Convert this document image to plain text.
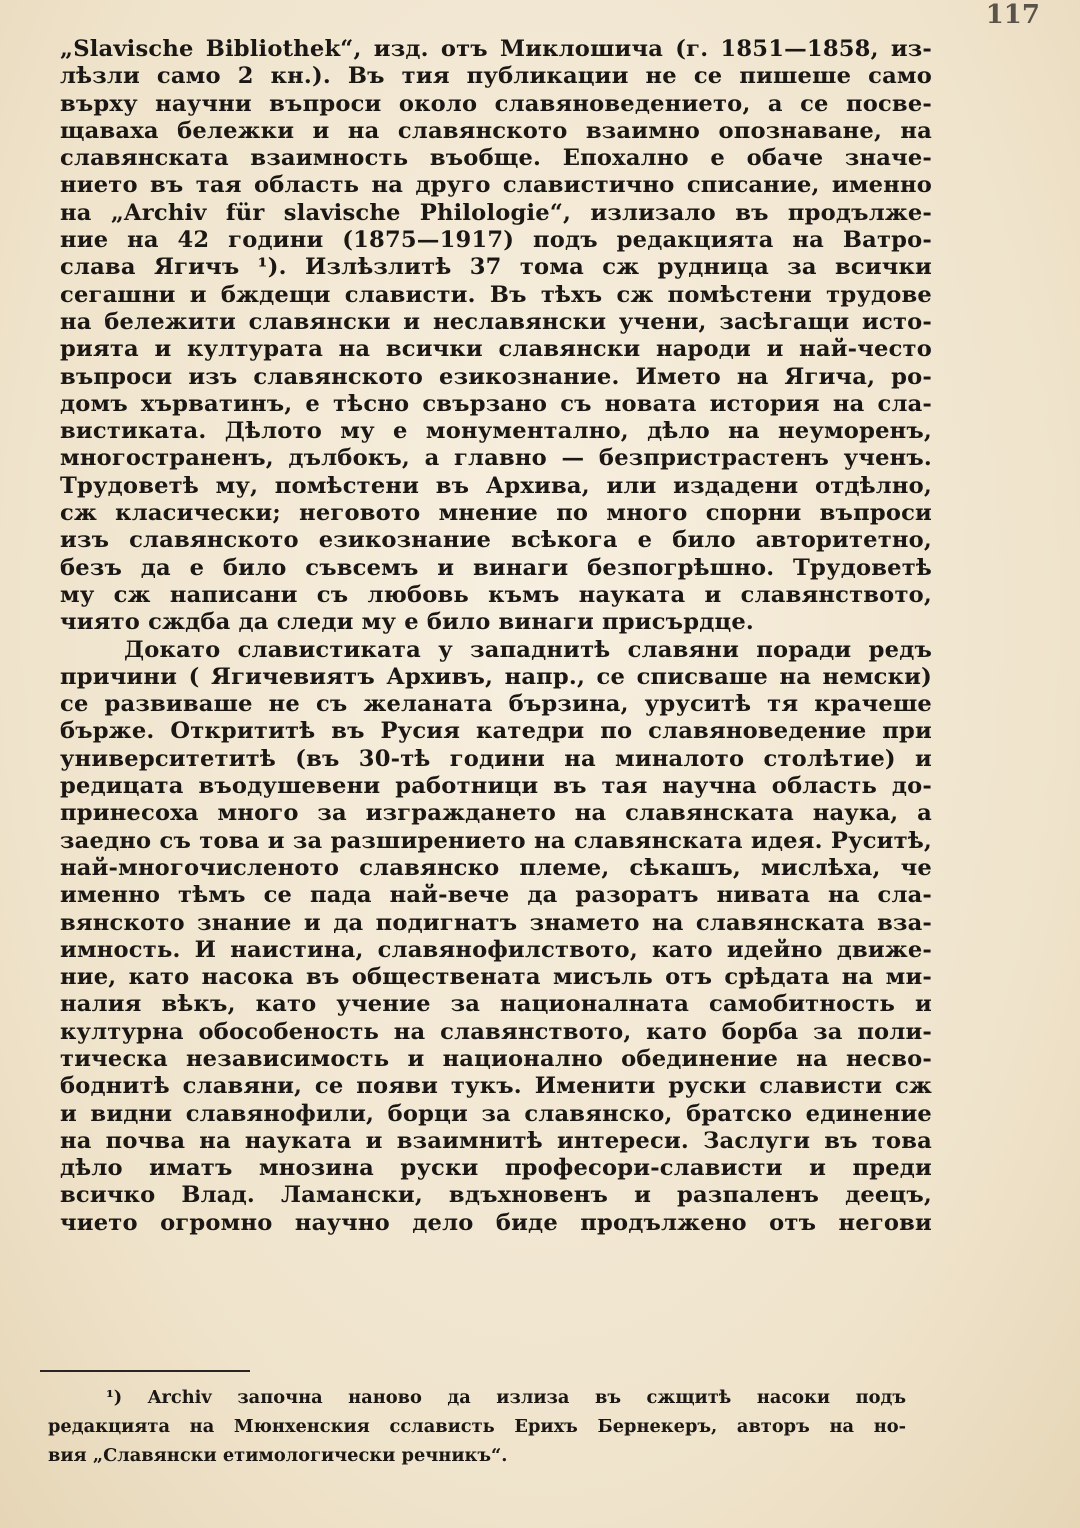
117
„Slavische Bibliothek“, изд. отъ Миклошича (г. 1851—1858, из-
лѣзли само 2 кн.). Въ тия публикации не се пишеше само
върху научни въпроси около славяноведението, а се посве-
щаваха бележки и на славянското взаимно опознаване, на
славянската взаимность въобще. Епохално е обаче значе-
нието въ тая область на друго славистично списание, именно
на „Archiv für slavische Philologie“, излизало въ продълже-
ние на 42 години (1875—1917) подъ редакцията на Ватро-
слава Ягичъ ¹). Излѣзлитѣ 37 тома сж рудница за всички
сегашни и бждещи слависти. Въ тѣхъ сж помѣстени трудове
на бележити славянски и неславянски учени, засѣгащи исто-
рията и културата на всички славянски народи и най-често
въпроси изъ славянското езикознание. Името на Ягича, ро-
домъ хърватинъ, е тѣсно свързано съ новата история на сла-
вистиката. Дѣлото му е монументално, дѣло на неуморенъ,
многостраненъ, дълбокъ, а главно — безпристрастенъ ученъ.
Трудоветѣ му, помѣстени въ Архива, или издадени отдѣлно,
сж класически; неговото мнение по много спорни въпроси
изъ славянското езикознание всѣкога е било авторитетно,
безъ да е било съвсемъ и винаги безпогрѣшно. Трудоветѣ
му сж написани съ любовь къмъ науката и славянството,
чиято сждба да следи му е било винаги присърдце.
Докато славистиката у западнитѣ славяни поради редъ
причини ( Ягичевиятъ Архивъ, напр., се списваше на немски)
се развиваше не съ желаната бързина, уруситѣ тя крачеше
бърже. Открититѣ въ Русия катедри по славяноведение при
университетитѣ (въ 30-тѣ години на миналото столѣтие) и
редицата въодушевени работници въ тая научна область до-
принесоха много за изграждането на славянската наука, а
заедно съ това и за разширението на славянската идея. Руситѣ,
най-многочисленото славянско племе, сѣкашъ, мислѣха, че
именно тѣмъ се пада най-вече да разоратъ нивата на сла-
вянското знание и да подигнатъ знамето на славянската вза-
имность. И наистина, славянофилството, като идейно движе-
ние, като насока въ обществената мисъль отъ срѣдата на ми-
налия вѣкъ, като учение за националната самобитность и
културна обособеность на славянството, като борба за поли-
тическа независимость и национално обединение на несво-
боднитѣ славяни, се появи тукъ. Именити руски слависти сж
и видни славянофили, борци за славянско, братско единение
на почва на науката и взаимнитѣ интереси. Заслуги въ това
дѣло иматъ мнозина руски професори-слависти и преди
всичко Влад. Ламански, вдъхновенъ и разпаленъ деецъ,
чието огромно научно дело биде продължено отъ негови
¹) Archiv започна наново да излиза въ сжщитѣ насоки подъ
редакцията на Мюнхенския сслависть Ерихъ Бернекеръ, авторъ на но-
вия „Славянски етимологически речникъ“.
